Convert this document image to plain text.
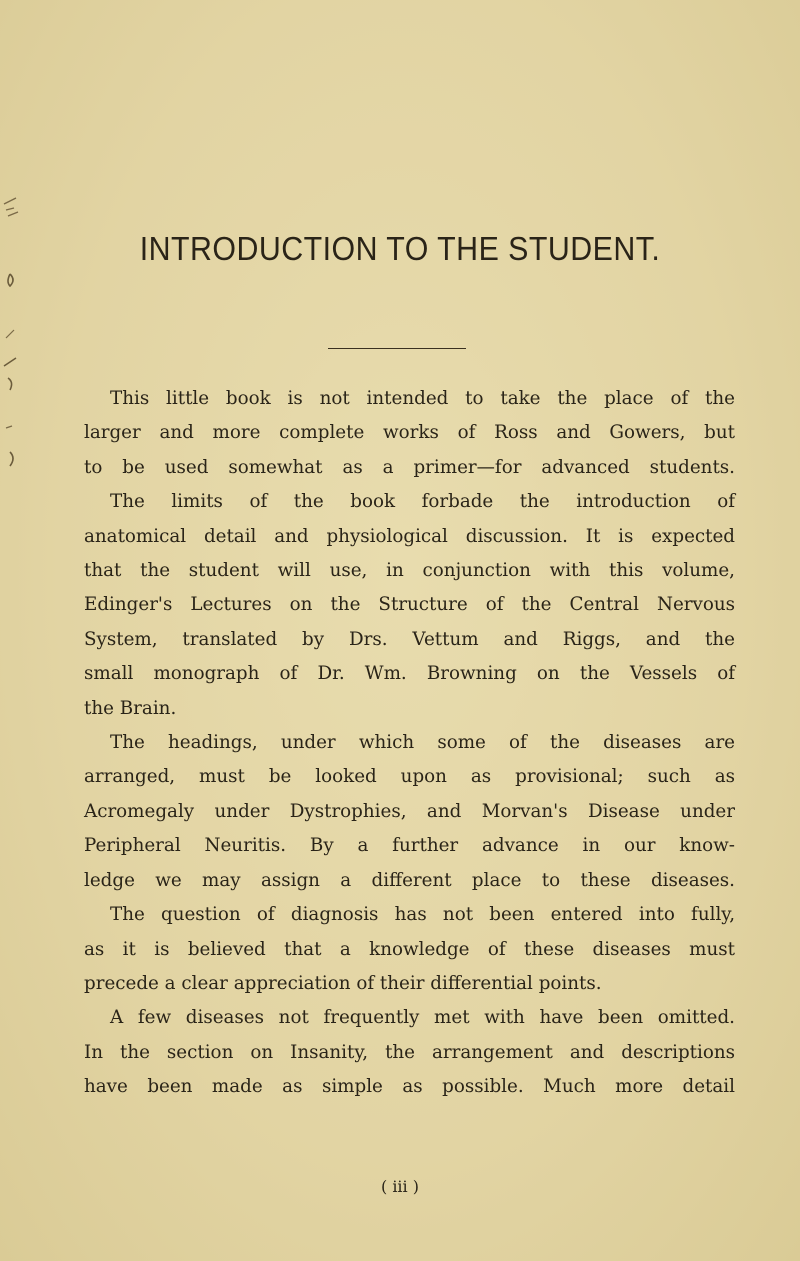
INTRODUCTION TO THE STUDENT.
This little book is not intended to take the place of the
larger and more complete works of Ross and Gowers, but
to be used somewhat as a primer—for advanced students.
The limits of the book forbade the introduction of
anatomical detail and physiological discussion. It is expected
that the student will use, in conjunction with this volume,
Edinger's Lectures on the Structure of the Central Nervous
System, translated by Drs. Vettum and Riggs, and the
small monograph of Dr. Wm. Browning on the Vessels of
the Brain.
The headings, under which some of the diseases are
arranged, must be looked upon as provisional; such as
Acromegaly under Dystrophies, and Morvan's Disease under
Peripheral Neuritis. By a further advance in our know-
ledge we may assign a different place to these diseases.
The question of diagnosis has not been entered into fully,
as it is believed that a knowledge of these diseases must
precede a clear appreciation of their differential points.
A few diseases not frequently met with have been omitted.
In the section on Insanity, the arrangement and descriptions
have been made as simple as possible. Much more detail
( iii )
